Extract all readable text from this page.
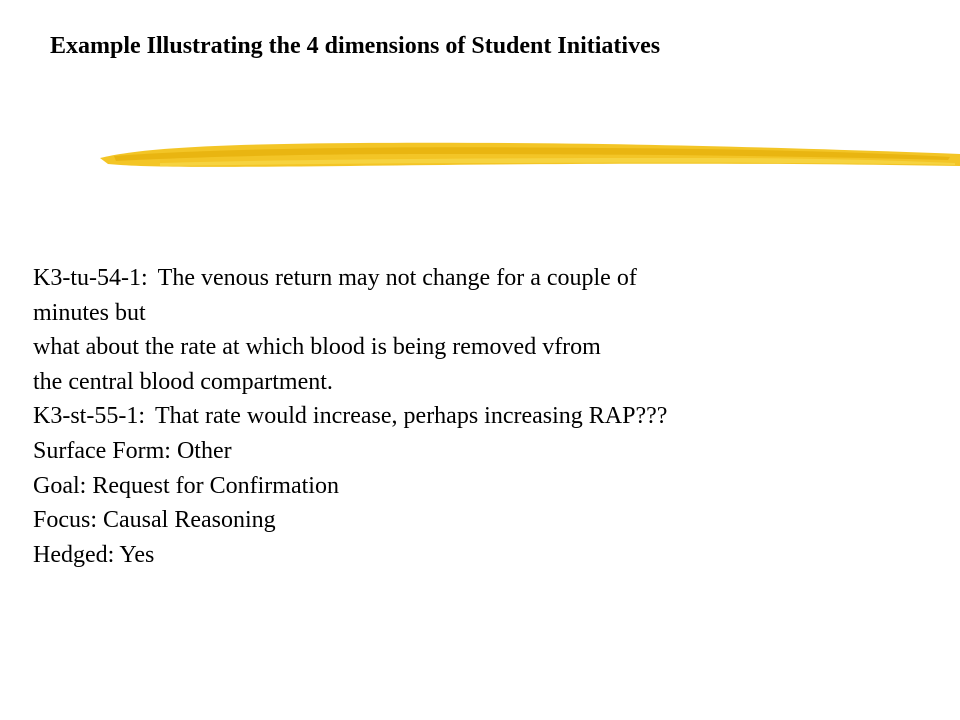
Example Illustrating the 4 dimensions of Student Initiatives
K3-tu-54-1: The venous return may not change for a couple of
minutes but
what about the rate at which blood is being removed vfrom
the central blood compartment.
K3-st-55-1: That rate would increase, perhaps increasing RAP???
Surface Form: Other
Goal: Request for Confirmation
Focus: Causal Reasoning
Hedged: Yes
